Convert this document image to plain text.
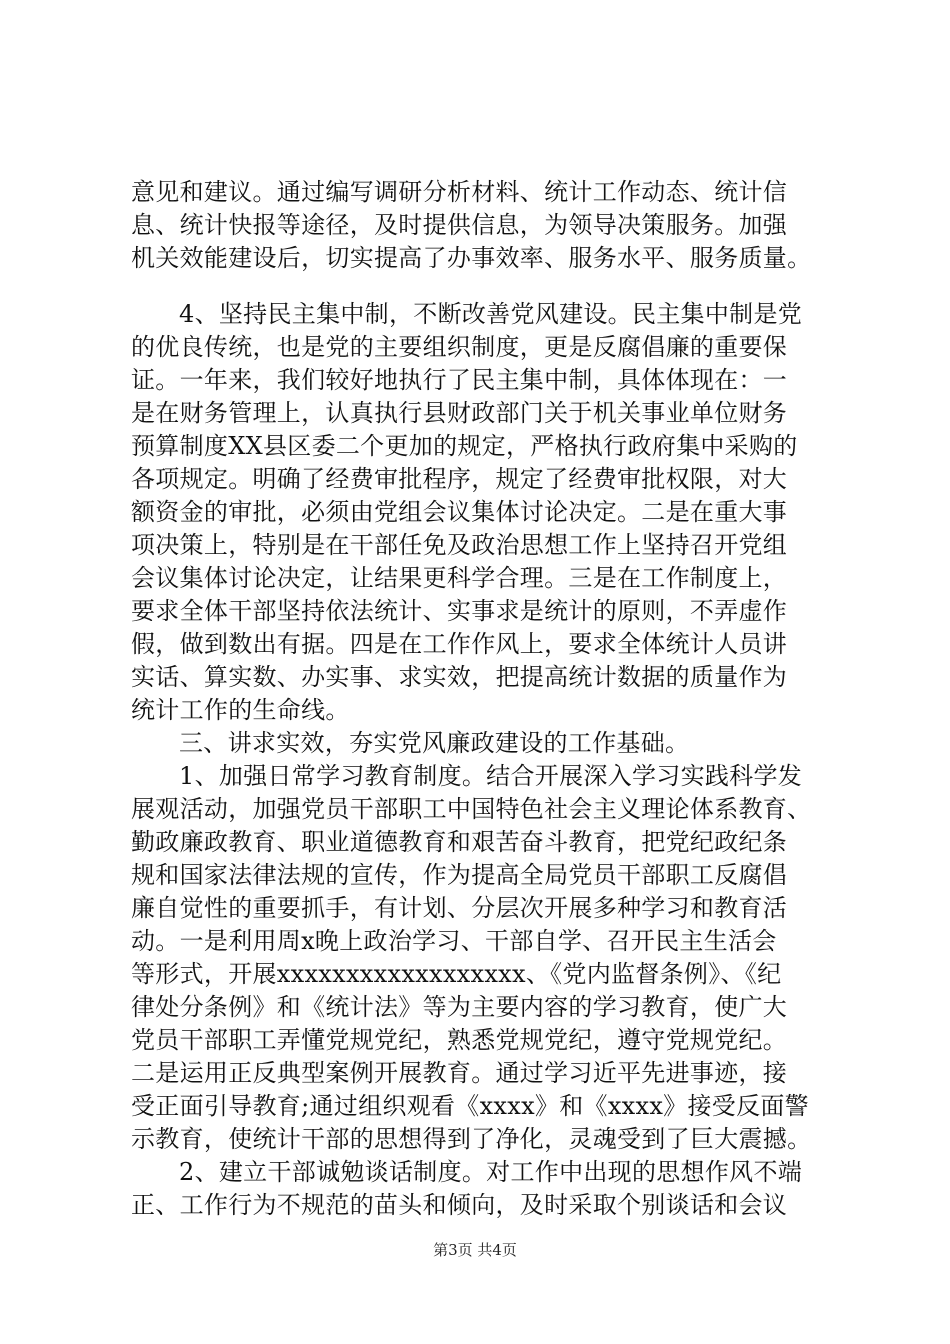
意见和建议。通过编写调研分析材料、统计工作动态、统计信
息、统计快报等途径，及时提供信息，为领导决策服务。加强
机关效能建设后，切实提高了办事效率、服务水平、服务质量。
4、坚持民主集中制，不断改善党风建设。民主集中制是党
的优良传统，也是党的主要组织制度，更是反腐倡廉的重要保
证。一年来，我们较好地执行了民主集中制，具体体现在：一
是在财务管理上，认真执行县财政部门关于机关事业单位财务
预算制度XX县区委二个更加的规定，严格执行政府集中采购的
各项规定。明确了经费审批程序，规定了经费审批权限，对大
额资金的审批，必须由党组会议集体讨论决定。二是在重大事
项决策上，特别是在干部任免及政治思想工作上坚持召开党组
会议集体讨论决定，让结果更科学合理。三是在工作制度上，
要求全体干部坚持依法统计、实事求是统计的原则，不弄虚作
假，做到数出有据。四是在工作作风上，要求全体统计人员讲
实话、算实数、办实事、求实效，把提高统计数据的质量作为
统计工作的生命线。
三、讲求实效，夯实党风廉政建设的工作基础。
1、加强日常学习教育制度。结合开展深入学习实践科学发
展观活动，加强党员干部职工中国特色社会主义理论体系教育、
勤政廉政教育、职业道德教育和艰苦奋斗教育，把党纪政纪条
规和国家法律法规的宣传，作为提高全局党员干部职工反腐倡
廉自觉性的重要抓手，有计划、分层次开展多种学习和教育活
动。一是利用周x晚上政治学习、干部自学、召开民主生活会
等形式，开展xxxxxxxxxxxxxxxxxx、《党内监督条例》、《纪
律处分条例》和《统计法》等为主要内容的学习教育，使广大
党员干部职工弄懂党规党纪，熟悉党规党纪，遵守党规党纪。
二是运用正反典型案例开展教育。通过学习近平先进事迹，接
受正面引导教育;通过组织观看《xxxx》和《xxxx》接受反面警
示教育，使统计干部的思想得到了净化，灵魂受到了巨大震撼。
2、建立干部诚勉谈话制度。对工作中出现的思想作风不端
正、工作行为不规范的苗头和倾向，及时采取个别谈话和会议
第3页 共4页
